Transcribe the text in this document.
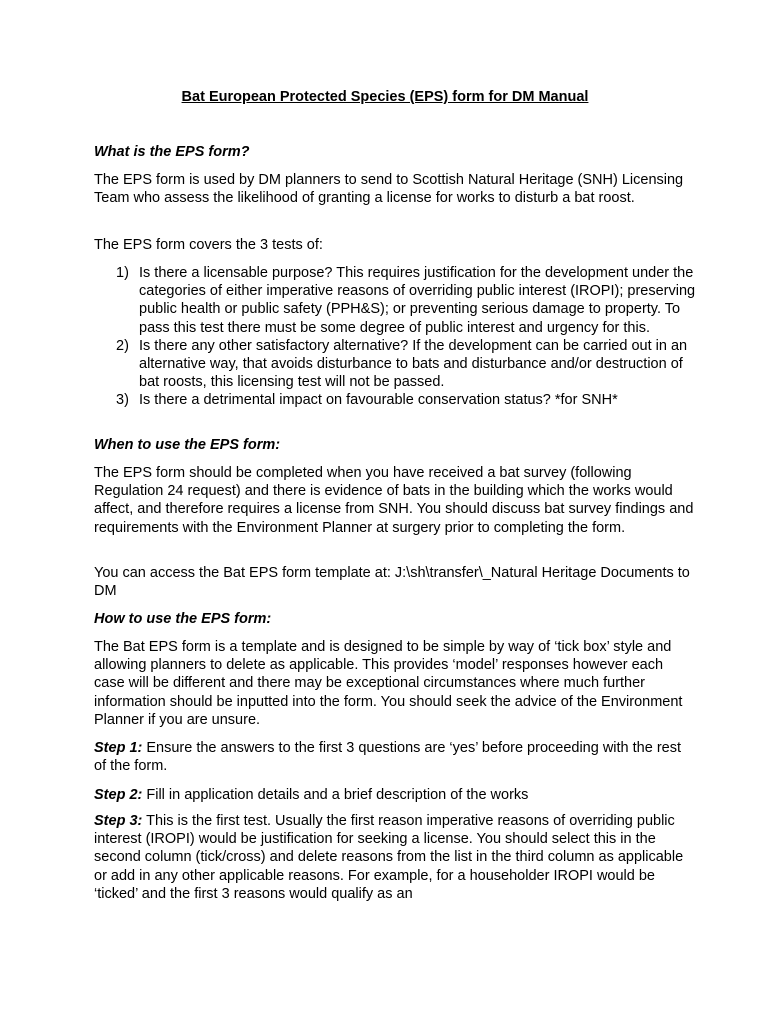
Bat European Protected Species (EPS) form for DM Manual
What is the EPS form?
The EPS form is used by DM planners to send to Scottish Natural Heritage (SNH) Licensing Team who assess the likelihood of granting a license for works to disturb a bat roost.
The EPS form covers the 3 tests of:
1) Is there a licensable purpose? This requires justification for the development under the categories of either imperative reasons of overriding public interest (IROPI); preserving public health or public safety (PPH&S); or preventing serious damage to property. To pass this test there must be some degree of public interest and urgency for this.
2) Is there any other satisfactory alternative? If the development can be carried out in an alternative way, that avoids disturbance to bats and disturbance and/or destruction of bat roosts, this licensing test will not be passed.
3) Is there a detrimental impact on favourable conservation status? *for SNH*
When to use the EPS form:
The EPS form should be completed when you have received a bat survey (following Regulation 24 request) and there is evidence of bats in the building which the works would affect, and therefore requires a license from SNH. You should discuss bat survey findings and requirements with the Environment Planner at surgery prior to completing the form.
You can access the Bat EPS form template at: J:\sh\transfer\_Natural Heritage Documents to DM
How to use the EPS form:
The Bat EPS form is a template and is designed to be simple by way of ‘tick box’ style and allowing planners to delete as applicable. This provides ‘model’ responses however each case will be different and there may be exceptional circumstances where much further information should be inputted into the form. You should seek the advice of the Environment Planner if you are unsure.
Step 1: Ensure the answers to the first 3 questions are ‘yes’ before proceeding with the rest of the form.
Step 2: Fill in application details and a brief description of the works
Step 3: This is the first test. Usually the first reason imperative reasons of overriding public interest (IROPI) would be justification for seeking a license. You should select this in the second column (tick/cross) and delete reasons from the list in the third column as applicable or add in any other applicable reasons. For example, for a householder IROPI would be ‘ticked’ and the first 3 reasons would qualify as an
